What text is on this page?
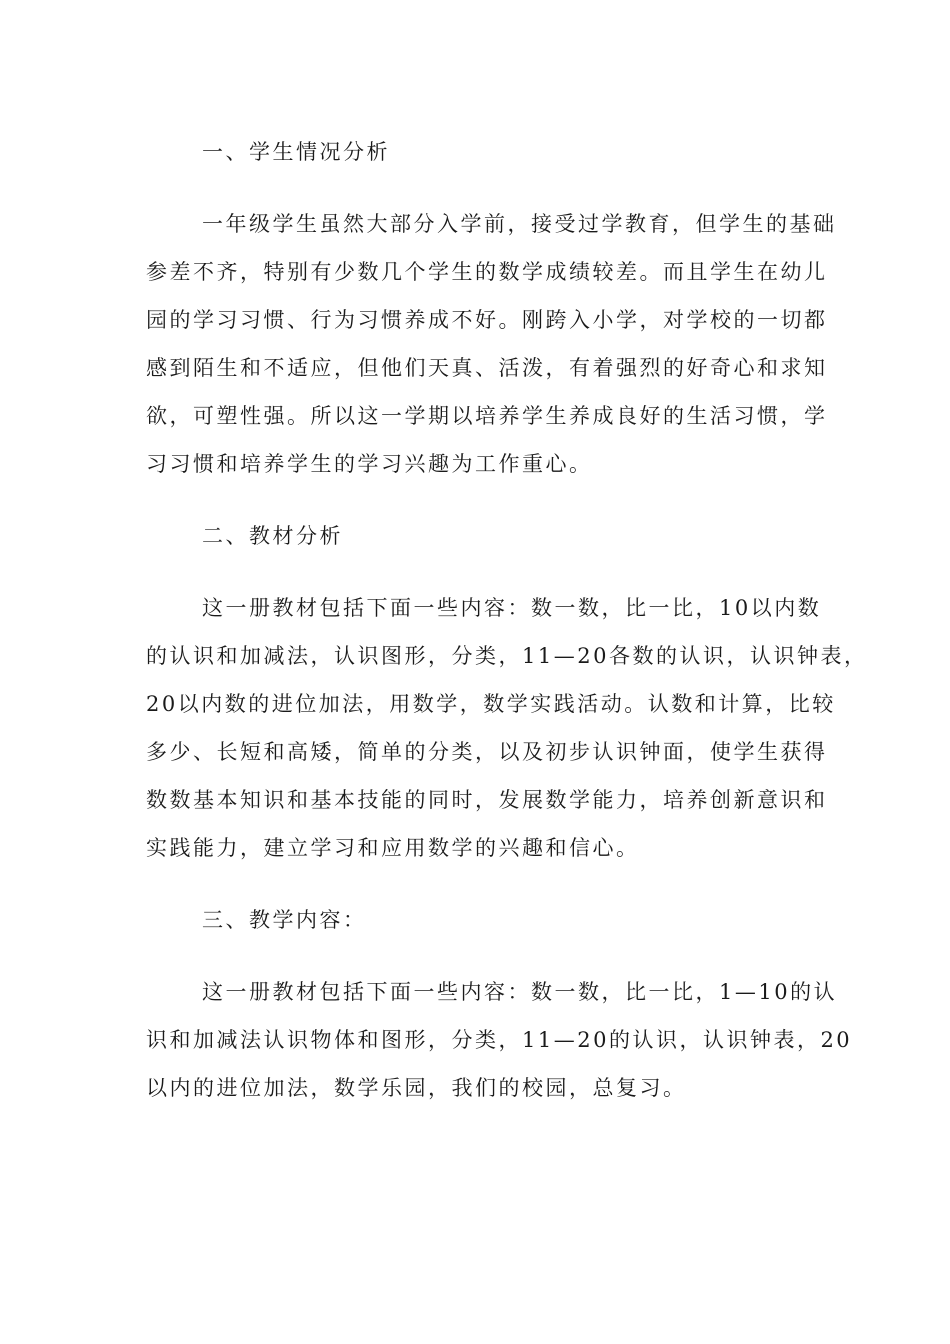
一、学生情况分析
一年级学生虽然大部分入学前，接受过学教育，但学生的基础
参差不齐，特别有少数几个学生的数学成绩较差。而且学生在幼儿
园的学习习惯、行为习惯养成不好。刚跨入小学，对学校的一切都
感到陌生和不适应，但他们天真、活泼，有着强烈的好奇心和求知
欲，可塑性强。所以这一学期以培养学生养成良好的生活习惯，学
习习惯和培养学生的学习兴趣为工作重心。
二、教材分析
这一册教材包括下面一些内容：数一数，比一比，10以内数
的认识和加减法，认识图形，分类，11—20各数的认识，认识钟表，
20以内数的进位加法，用数学，数学实践活动。认数和计算，比较
多少、长短和高矮，简单的分类，以及初步认识钟面，使学生获得
数数基本知识和基本技能的同时，发展数学能力，培养创新意识和
实践能力，建立学习和应用数学的兴趣和信心。
三、教学内容：
这一册教材包括下面一些内容：数一数，比一比，1—10的认
识和加减法认识物体和图形，分类，11—20的认识，认识钟表，20
以内的进位加法，数学乐园，我们的校园，总复习。
